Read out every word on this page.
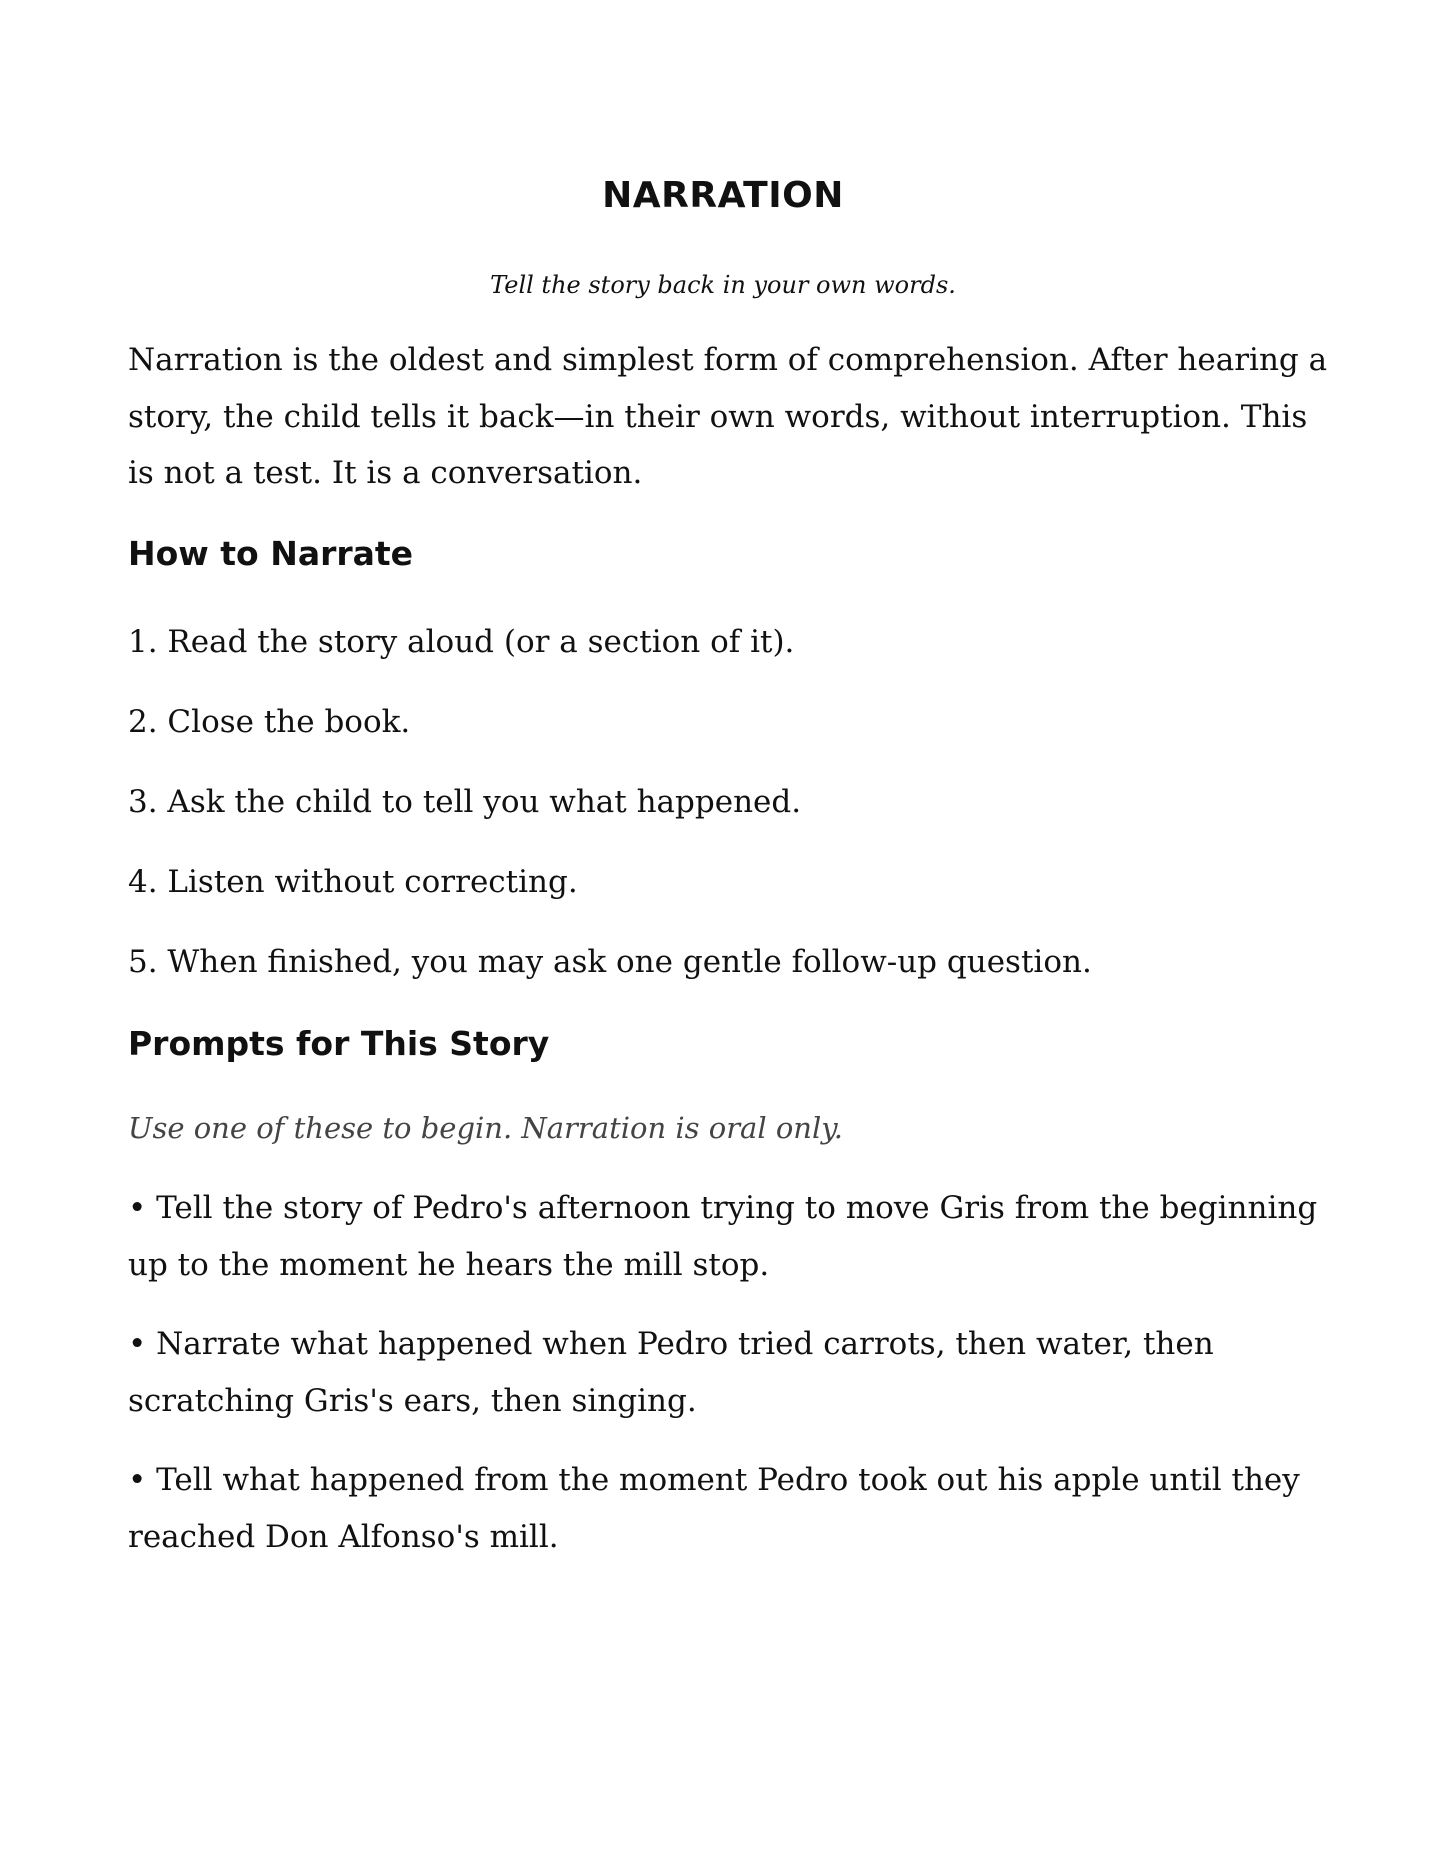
NARRATION

Tell the story back in your own words.

Narration is the oldest and simplest form of comprehension. After hearing a story, the child tells it back—in their own words, without interruption. This is not a test. It is a conversation.

How to Narrate

1. Read the story aloud (or a section of it).

2. Close the book.

3. Ask the child to tell you what happened.

4. Listen without correcting.

5. When finished, you may ask one gentle follow-up question.

Prompts for This Story

Use one of these to begin. Narration is oral only.

• Tell the story of Pedro's afternoon trying to move Gris from the beginning up to the moment he hears the mill stop.

• Narrate what happened when Pedro tried carrots, then water, then scratching Gris's ears, then singing.

• Tell what happened from the moment Pedro took out his apple until they reached Don Alfonso's mill.
